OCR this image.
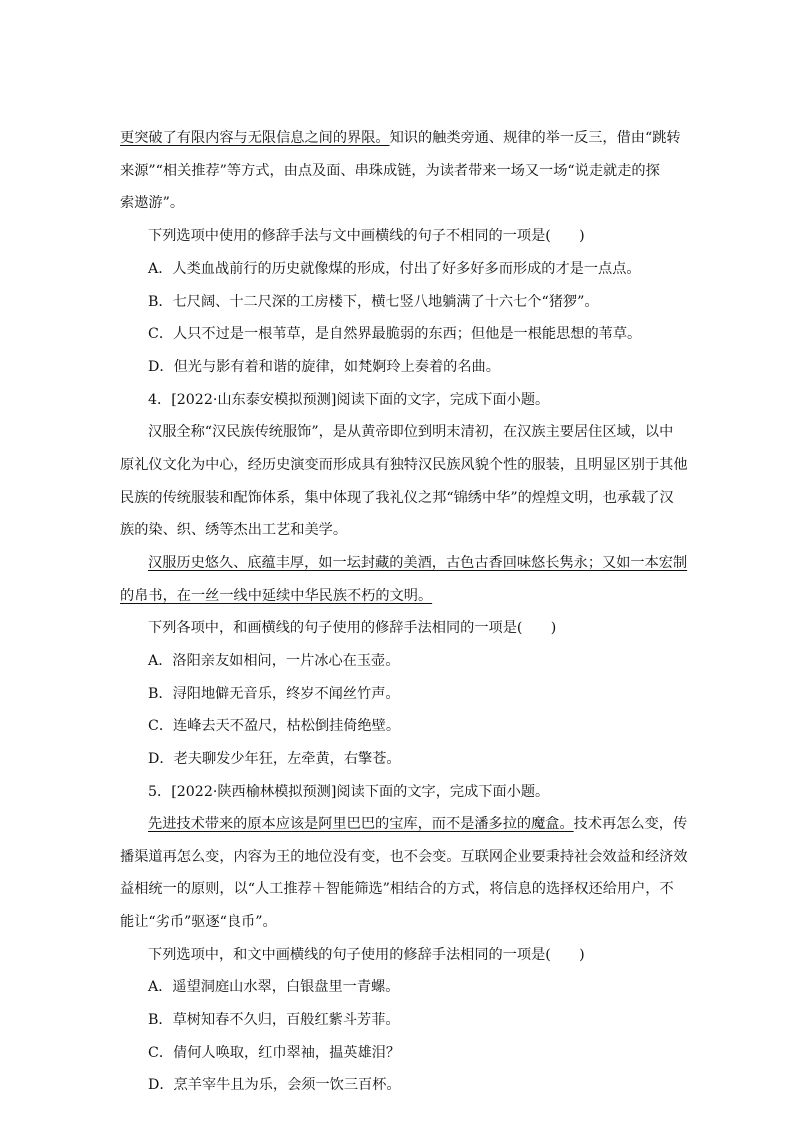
更突破了有限内容与无限信息之间的界限。知识的触类旁通、规律的举一反三，借由“跳转
来源”“相关推荐”等方式，由点及面、串珠成链，为读者带来一场又一场“说走就走的探
索遨游”。
下列选项中使用的修辞手法与文中画横线的句子不相同的一项是(　　)
A．人类血战前行的历史就像煤的形成，付出了好多好多而形成的才是一点点。
B．七尺阔、十二尺深的工房楼下，横七竖八地躺满了十六七个“猪猡”。
C．人只不过是一根苇草，是自然界最脆弱的东西；但他是一根能思想的苇草。
D．但光与影有着和谐的旋律，如梵婀玲上奏着的名曲。
4．[2022·山东泰安模拟预测]阅读下面的文字，完成下面小题。
汉服全称“汉民族传统服饰”，是从黄帝即位到明末清初，在汉族主要居住区域，以中
原礼仪文化为中心，经历史演变而形成具有独特汉民族风貌个性的服装，且明显区别于其他
民族的传统服装和配饰体系，集中体现了我礼仪之邦“锦绣中华”的煌煌文明，也承载了汉
族的染、织、绣等杰出工艺和美学。
汉服历史悠久、底蕴丰厚，如一坛封藏的美酒，古色古香回味悠长隽永；又如一本宏制
的帛书，在一丝一线中延续中华民族不朽的文明。
下列各项中，和画横线的句子使用的修辞手法相同的一项是(　　)
A．洛阳亲友如相问，一片冰心在玉壶。
B．浔阳地僻无音乐，终岁不闻丝竹声。
C．连峰去天不盈尺，枯松倒挂倚绝壁。
D．老夫聊发少年狂，左牵黄，右擎苍。
5．[2022·陕西榆林模拟预测]阅读下面的文字，完成下面小题。
先进技术带来的原本应该是阿里巴巴的宝库，而不是潘多拉的魔盒。技术再怎么变，传
播渠道再怎么变，内容为王的地位没有变，也不会变。互联网企业要秉持社会效益和经济效
益相统一的原则，以“人工推荐＋智能筛选”相结合的方式，将信息的选择权还给用户，不
能让“劣币”驱逐“良币”。
下列选项中，和文中画横线的句子使用的修辞手法相同的一项是(　　)
A．遥望洞庭山水翠，白银盘里一青螺。
B．草树知春不久归，百般红紫斗芳菲。
C．倩何人唤取，红巾翠袖，揾英雄泪？
D．烹羊宰牛且为乐，会须一饮三百杯。
